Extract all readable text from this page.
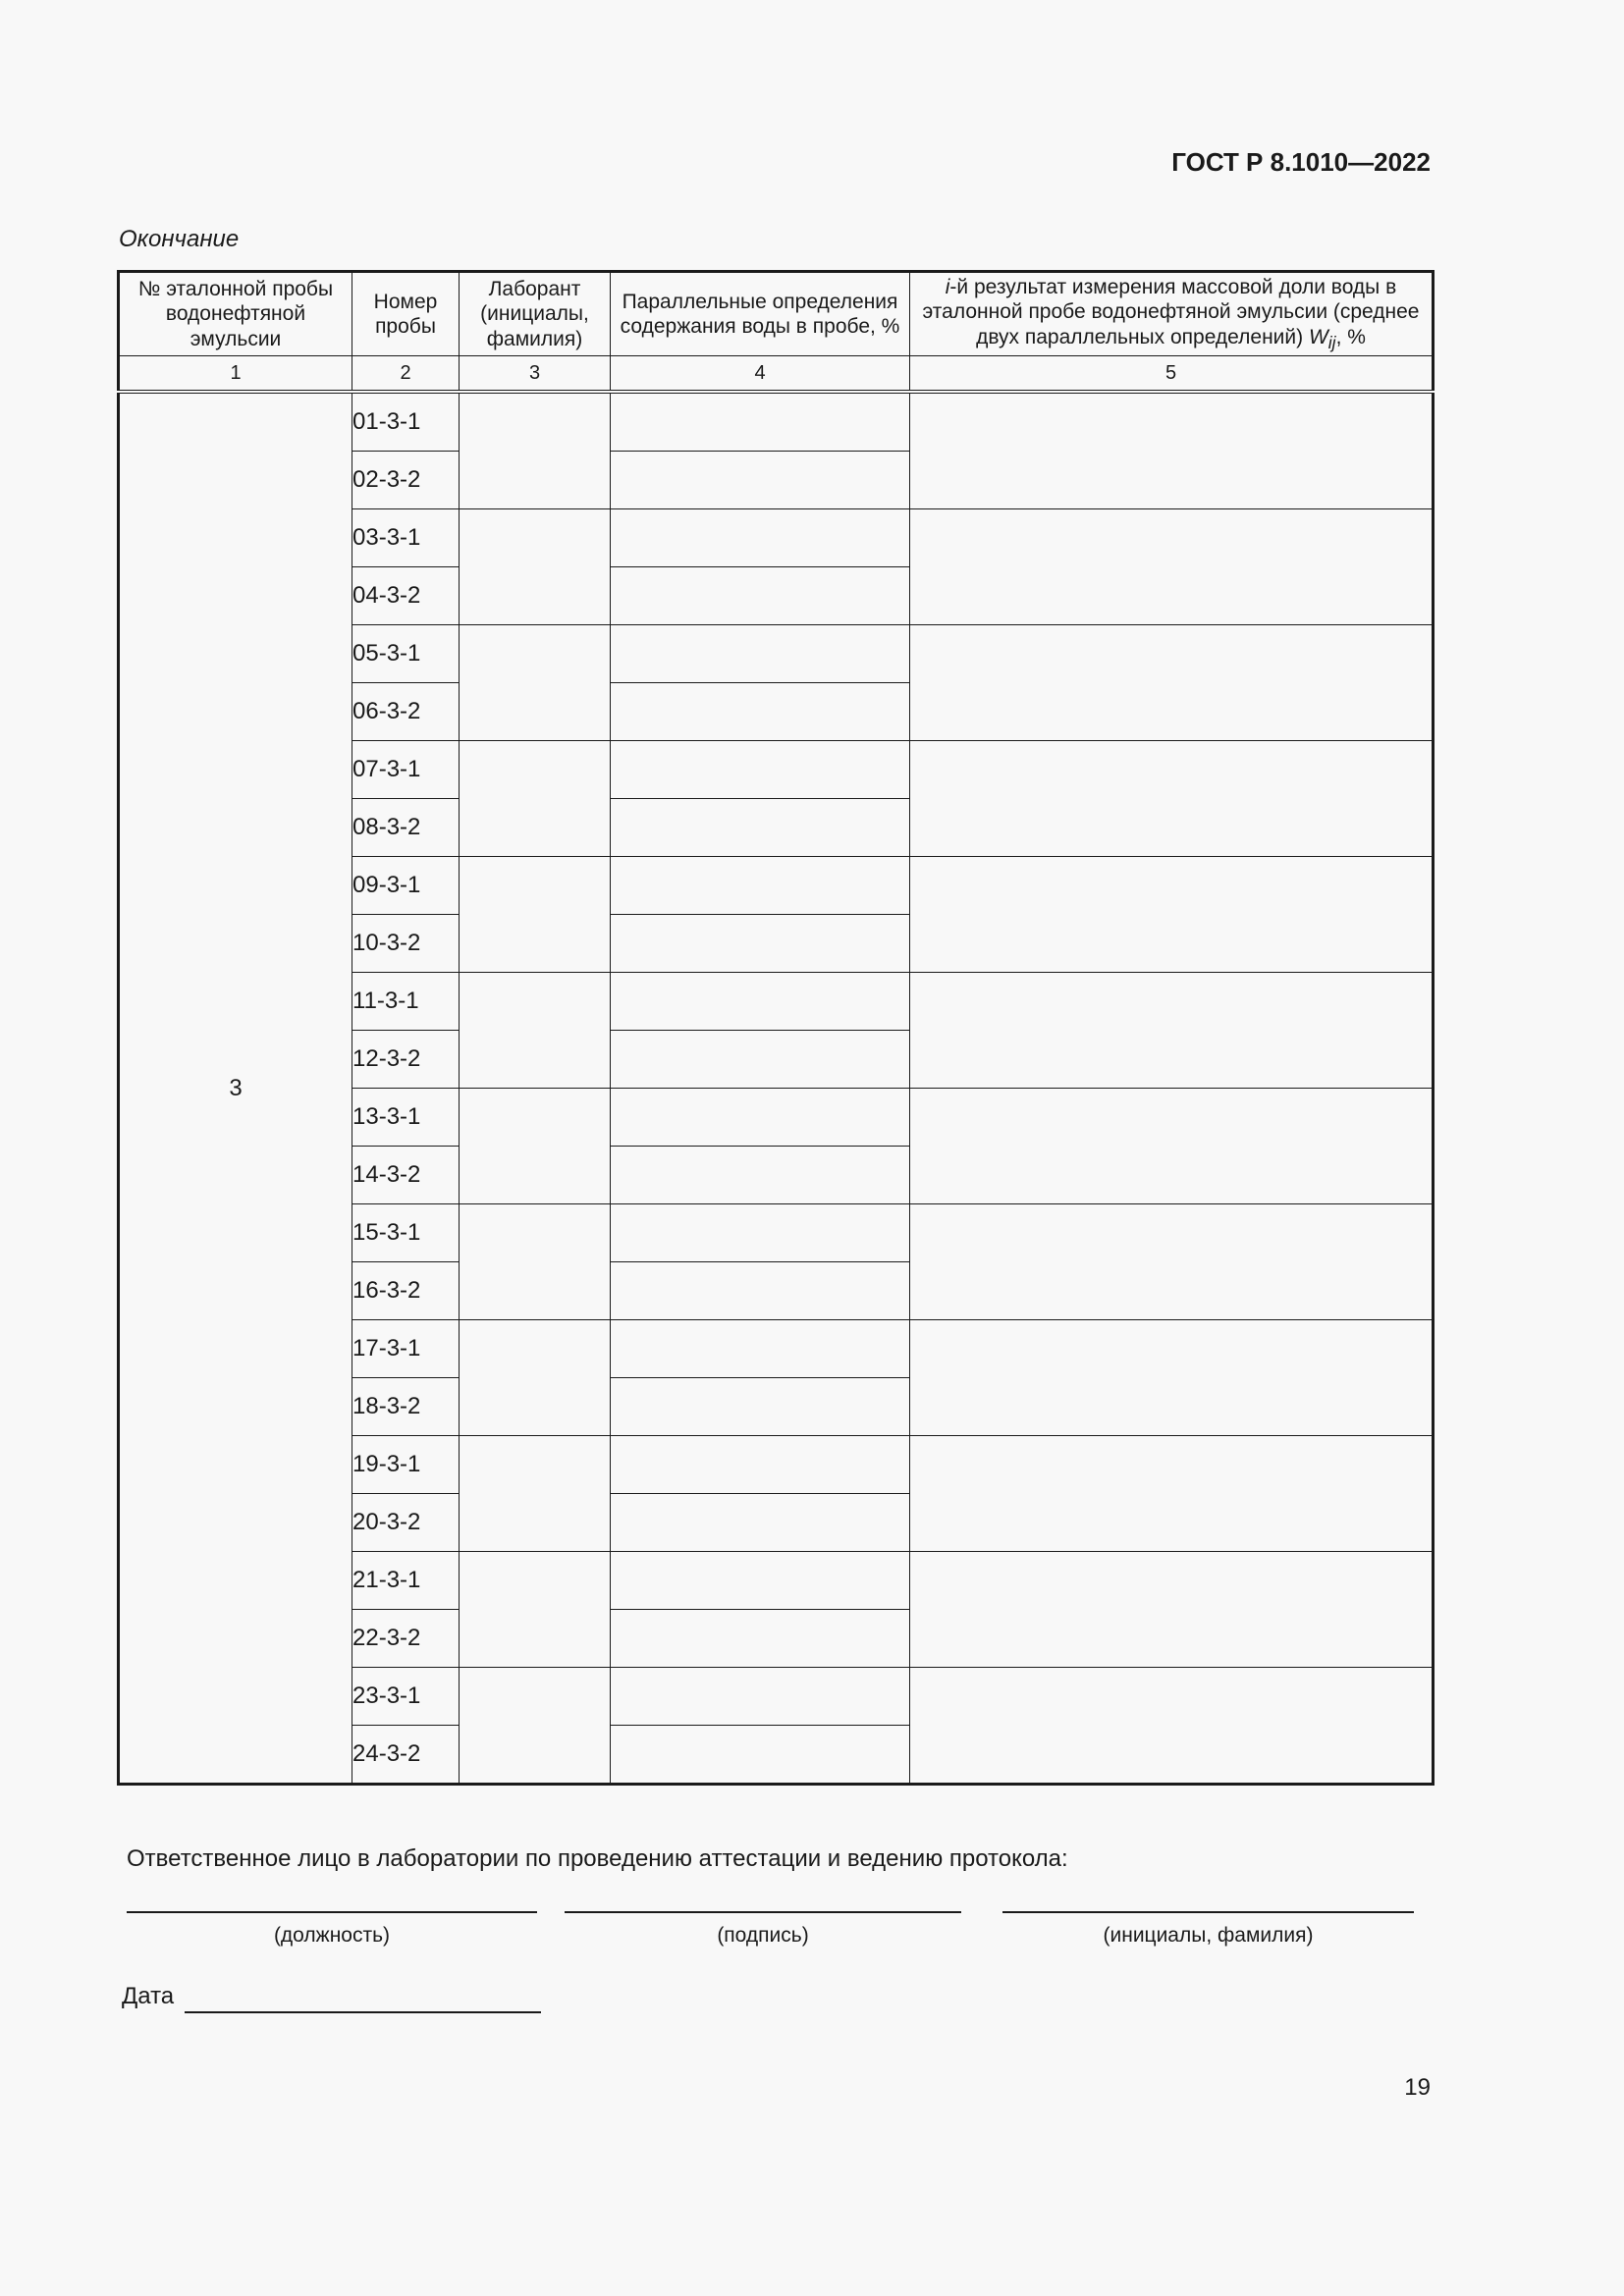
ГОСТ Р 8.1010—2022
Окончание
№ эталонной пробы водонефтяной эмульсии	Номер пробы	Лаборант (инициалы, фамилия)	Параллельные определения содержания воды в пробе, %	i-й результат измерения массовой доли воды в эталонной пробе водонефтяной эмульсии (среднее двух параллельных определений) $W_{ij}$, %
1	2	3	4	5
3	01-3-1			
	02-3-2			
	03-3-1			
	04-3-2			
	05-3-1			
	06-3-2			
	07-3-1			
	08-3-2			
	09-3-1			
	10-3-2			
	11-3-1			
	12-3-2			
	13-3-1			
	14-3-2			
	15-3-1			
	16-3-2			
	17-3-1			
	18-3-2			
	19-3-1			
	20-3-2			
	21-3-1			
	22-3-2			
	23-3-1			
	24-3-2			
Ответственное лицо в лаборатории по проведению аттестации и ведению протокола:
(должность)	(подпись)	(инициалы, фамилия)
Дата
19
